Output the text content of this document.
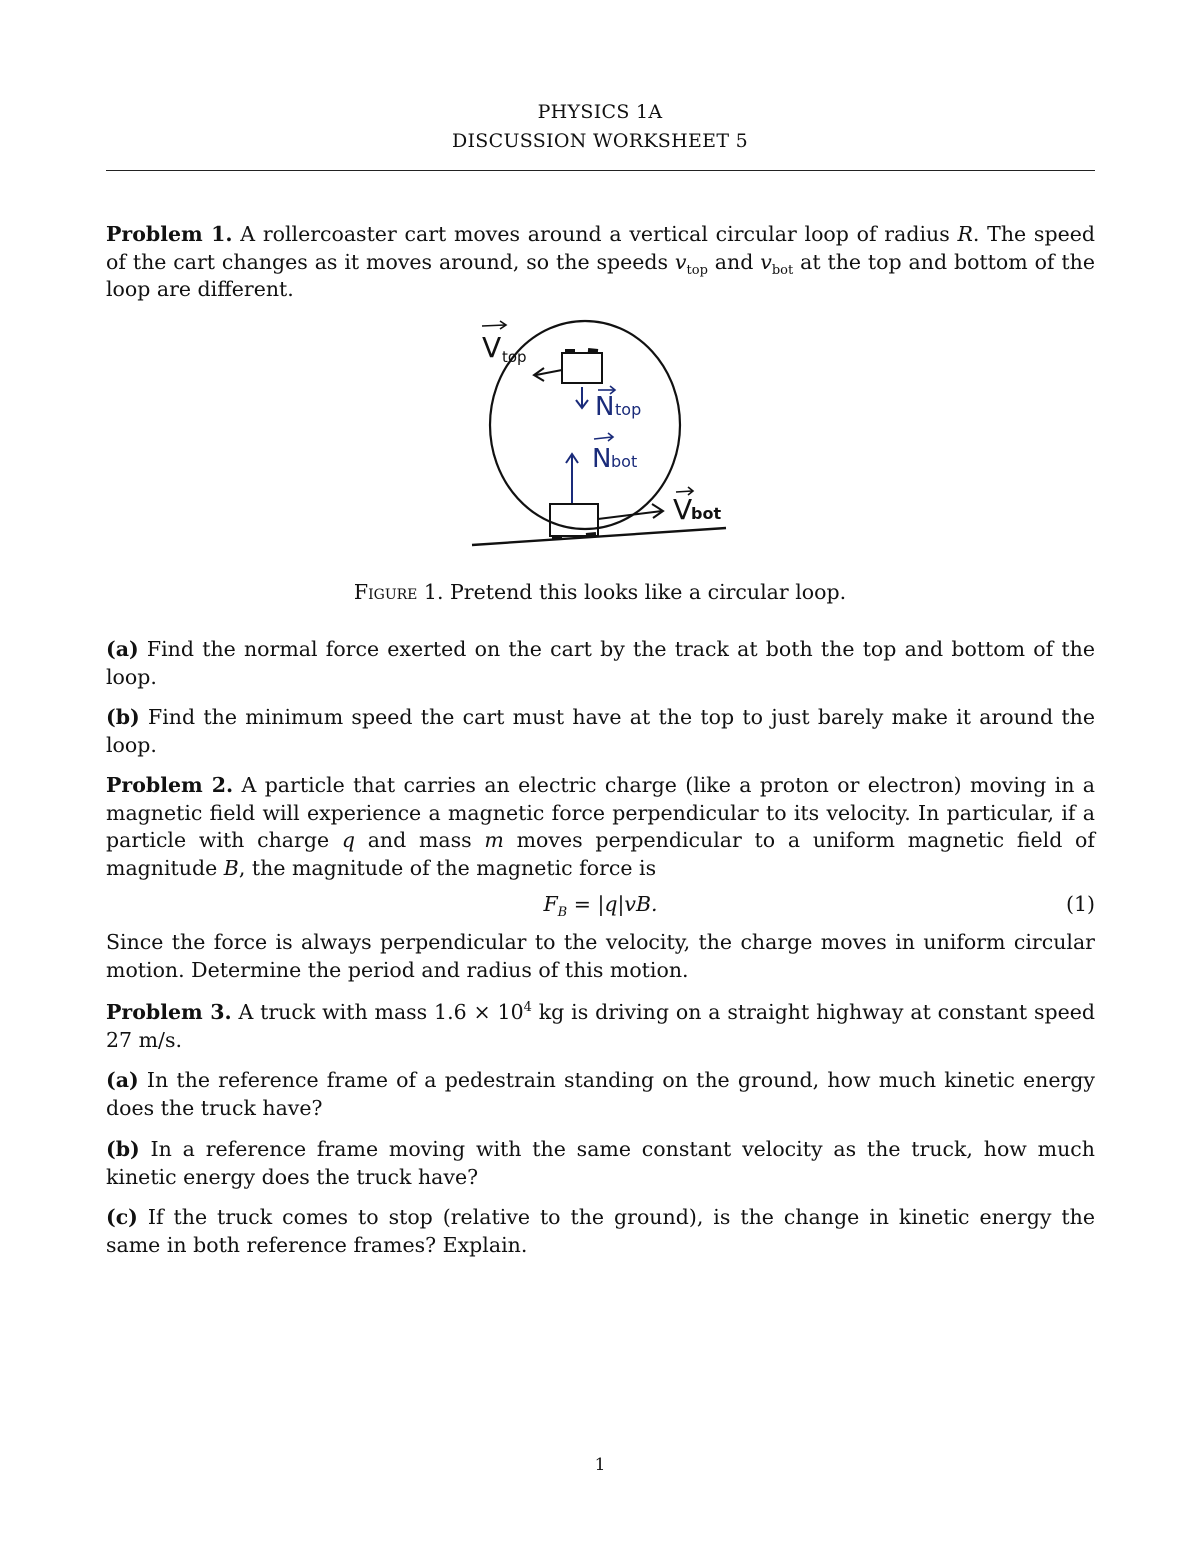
PHYSICS 1A
DISCUSSION WORKSHEET 5
Problem 1. A rollercoaster cart moves around a vertical circular loop of radius R. The speed of the cart changes as it moves around, so the speeds $v_{top}$ and $v_{bot}$ at the top and bottom of the loop are different.
V top
N top
N bot
V
bot
Figure 1. Pretend this looks like a circular loop.
(a) Find the normal force exerted on the cart by the track at both the top and bottom of the loop.
(b) Find the minimum speed the cart must have at the top to just barely make it around the loop.
Problem 2. A particle that carries an electric charge (like a proton or electron) moving in a magnetic field will experience a magnetic force perpendicular to its velocity. In particular, if a particle with charge q and mass m moves perpendicular to a uniform magnetic field of magnitude B, the magnitude of the magnetic force is
$F_B = |q|vB$.	(1)
Since the force is always perpendicular to the velocity, the charge moves in uniform circular motion. Determine the period and radius of this motion.
Problem 3. A truck with mass $1.6 \times 10^4$ kg is driving on a straight highway at constant speed 27 m/s.
(a) In the reference frame of a pedestrain standing on the ground, how much kinetic energy does the truck have?
(b) In a reference frame moving with the same constant velocity as the truck, how much kinetic energy does the truck have?
(c) If the truck comes to stop (relative to the ground), is the change in kinetic energy the same in both reference frames? Explain.
1
